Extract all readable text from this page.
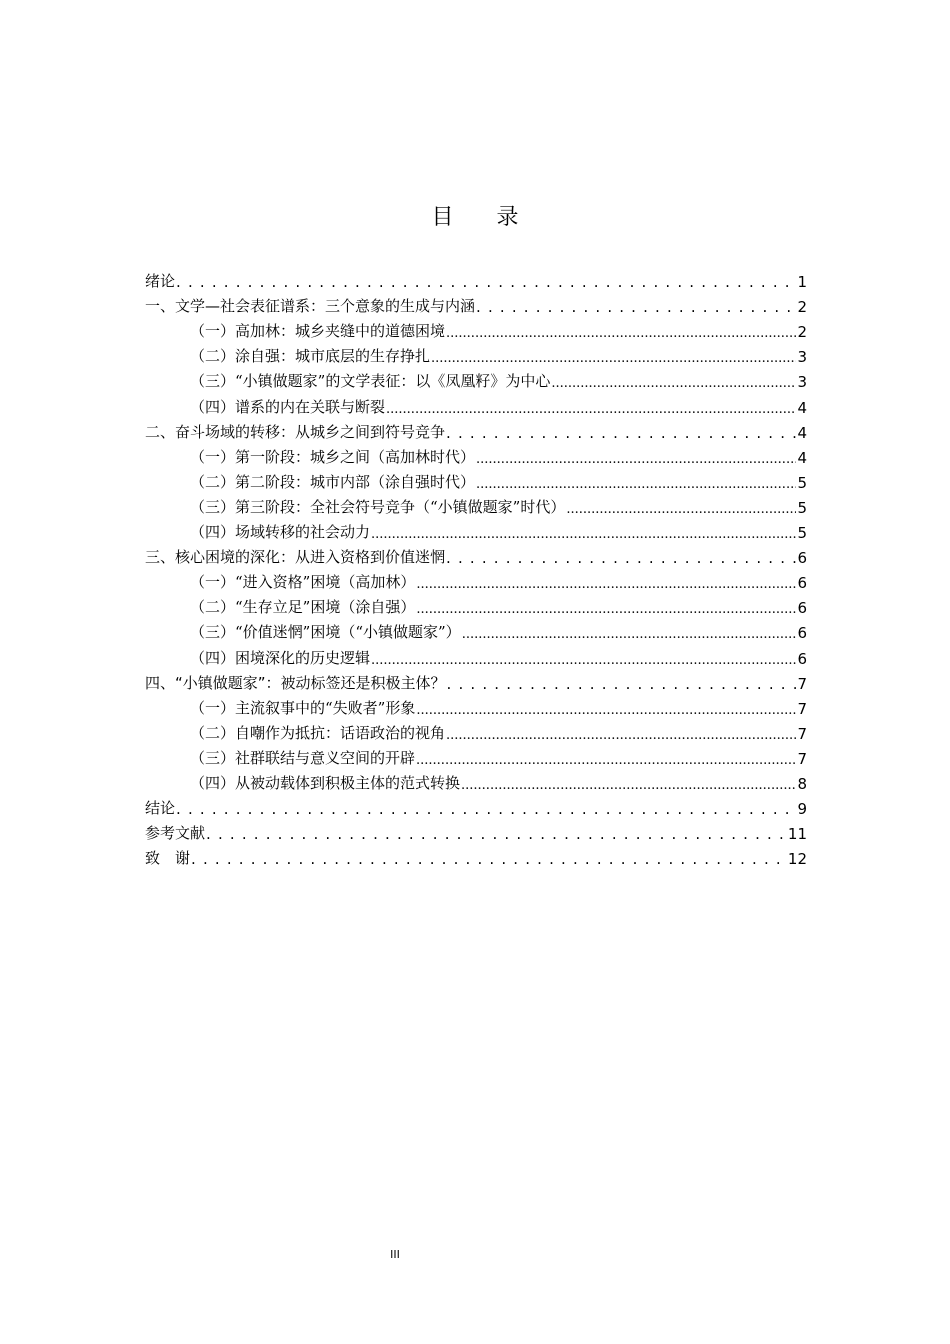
目 录
绪论 . . .	1
一、文学—社会表征谱系：三个意象的生成与内涵 . . .	2
（一）高加林：城乡夹缝中的道德困境 .....	2
（二）涂自强：城市底层的生存挣扎 .....	3
（三）“小镇做题家”的文学表征：以《凤凰籽》为中心 .....	3
（四）谱系的内在关联与断裂 .....	4
二、奋斗场域的转移：从城乡之间到符号竞争 . . .	4
（一）第一阶段：城乡之间（高加林时代） .....	4
（二）第二阶段：城市内部（涂自强时代） .....	5
（三）第三阶段：全社会符号竞争（“小镇做题家”时代） .....	5
（四）场域转移的社会动力 .....	5
三、核心困境的深化：从进入资格到价值迷惘 . . .	6
（一）“进入资格”困境（高加林） .....	6
（二）“生存立足”困境（涂自强） .....	6
（三）“价值迷惘”困境（“小镇做题家”） .....	6
（四）困境深化的历史逻辑 .....	6
四、“小镇做题家”：被动标签还是积极主体？ . . .	7
（一）主流叙事中的“失败者”形象 .....	7
（二）自嘲作为抵抗：话语政治的视角 .....	7
（三）社群联结与意义空间的开辟 .....	7
（四）从被动载体到积极主体的范式转换 .....	8
结论 . . .	9
参考文献 . . .	11
致　谢 . . .	12
III
